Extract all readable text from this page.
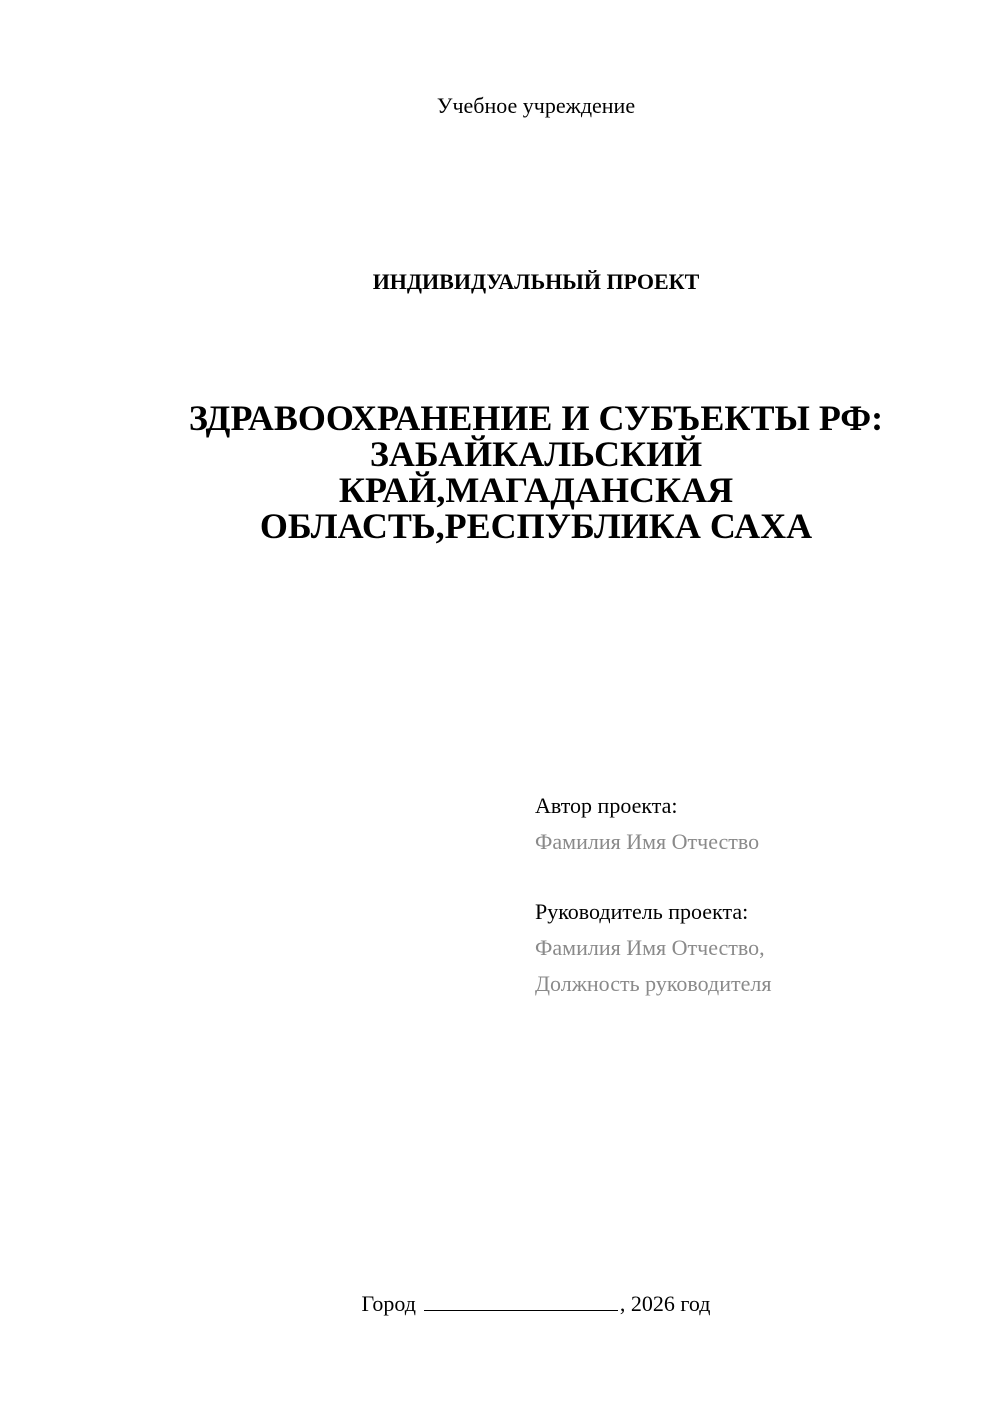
Учебное учреждение
ИНДИВИДУАЛЬНЫЙ ПРОЕКТ
ЗДРАВООХРАНЕНИЕ И СУБЪЕКТЫ РФ:
ЗАБАЙКАЛЬСКИЙ
КРАЙ,МАГАДАНСКАЯ
ОБЛАСТЬ,РЕСПУБЛИКА САХА
Автор проекта:
Фамилия Имя Отчество
Руководитель проекта:
Фамилия Имя Отчество,
Должность руководителя
Город	, 2026 год
